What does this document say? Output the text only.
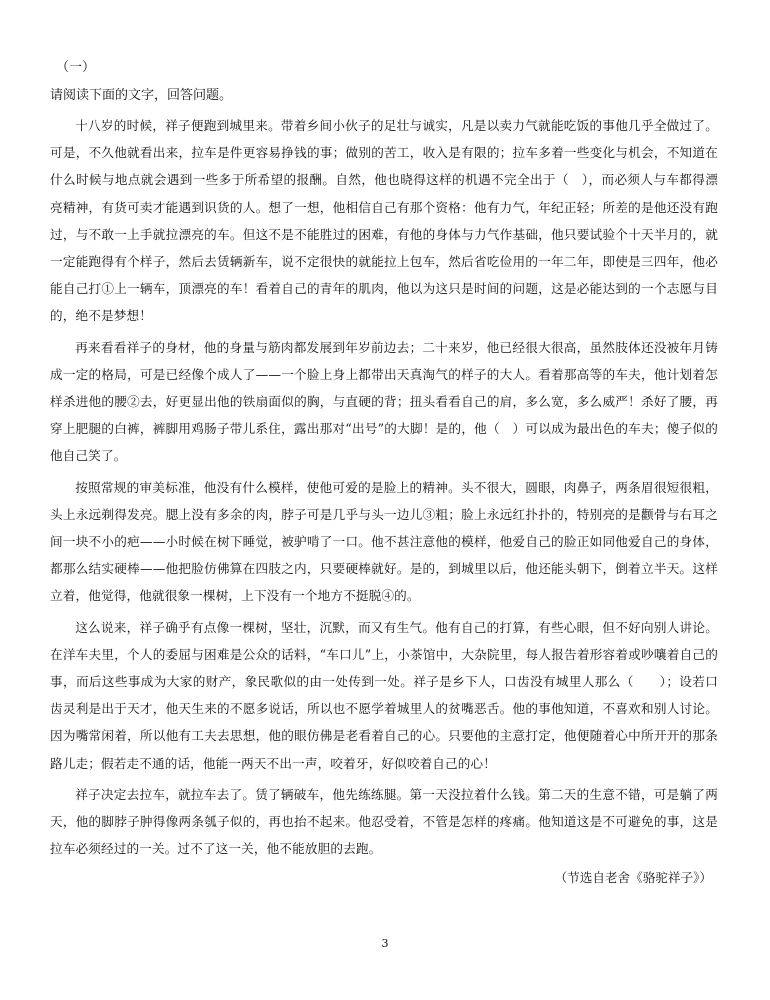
（一）
请阅读下面的文字，回答问题。

十八岁的时候，祥子便跑到城里来。带着乡间小伙子的足壮与诚实，凡是以卖力气就能吃饭的事他几乎全做过了。可是，不久他就看出来，拉车是件更容易挣钱的事；做别的苦工，收入是有限的；拉车多着一些变化与机会，不知道在什么时候与地点就会遇到一些多于所希望的报酬。自然，他也晓得这样的机遇不完全出于（　），而必须人与车都得漂亮精神，有货可卖才能遇到识货的人。想了一想，他相信自己有那个资格：他有力气，年纪正轻；所差的是他还没有跑过，与不敢一上手就拉漂亮的车。但这不是不能胜过的困难，有他的身体与力气作基础，他只要试验个十天半月的，就一定能跑得有个样子，然后去赁辆新车，说不定很快的就能拉上包车，然后省吃俭用的一年二年，即使是三四年，他必能自己打①上一辆车，顶漂亮的车！看着自己的青年的肌肉，他以为这只是时间的问题，这是必能达到的一个志愿与目的，绝不是梦想！

再来看看祥子的身材，他的身量与筋肉都发展到年岁前边去；二十来岁，他已经很大很高，虽然肢体还没被年月铸成一定的格局，可是已经像个成人了——一个脸上身上都带出天真淘气的样子的大人。看着那高等的车夫，他计划着怎样杀进他的腰②去，好更显出他的铁扇面似的胸，与直硬的背；扭头看看自己的肩，多么宽，多么威严！杀好了腰，再穿上肥腿的白裤，裤脚用鸡肠子带儿系住，露出那对“出号”的大脚！是的，他（　）可以成为最出色的车夫；傻子似的他自己笑了。

按照常规的审美标准，他没有什么模样，使他可爱的是脸上的精神。头不很大，圆眼，肉鼻子，两条眉很短很粗，头上永远剃得发亮。腮上没有多余的肉，脖子可是几乎与头一边儿③粗；脸上永远红扑扑的，特别亮的是颧骨与右耳之间一块不小的疤——小时候在树下睡觉，被驴啃了一口。他不甚注意他的模样，他爱自己的脸正如同他爱自己的身体，都那么结实硬棒——他把脸仿佛算在四肢之内，只要硬棒就好。是的，到城里以后，他还能头朝下，倒着立半天。这样立着，他觉得，他就很象一棵树，上下没有一个地方不挺脱④的。

这么说来，祥子确乎有点像一棵树，坚壮，沉默，而又有生气。他有自己的打算，有些心眼，但不好向别人讲论。在洋车夫里，个人的委屈与困难是公众的话料，“车口儿”上，小茶馆中，大杂院里，每人报告着形容着或吵嚷着自己的事，而后这些事成为大家的财产，象民歌似的由一处传到一处。祥子是乡下人，口齿没有城里人那么（　　）；设若口齿灵利是出于天才，他天生来的不愿多说话，所以也不愿学着城里人的贫嘴恶舌。他的事他知道，不喜欢和别人讨论。因为嘴常闲着，所以他有工夫去思想，他的眼仿佛是老看着自己的心。只要他的主意打定，他便随着心中所开开的那条路儿走；假若走不通的话，他能一两天不出一声，咬着牙，好似咬着自己的心！

祥子决定去拉车，就拉车去了。赁了辆破车，他先练练腿。第一天没拉着什么钱。第二天的生意不错，可是躺了两天，他的脚脖子肿得像两条瓠子似的，再也抬不起来。他忍受着，不管是怎样的疼痛。他知道这是不可避免的事，这是拉车必须经过的一关。过不了这一关，他不能放胆的去跑。

（节选自老舍《骆驼祥子》）
3
